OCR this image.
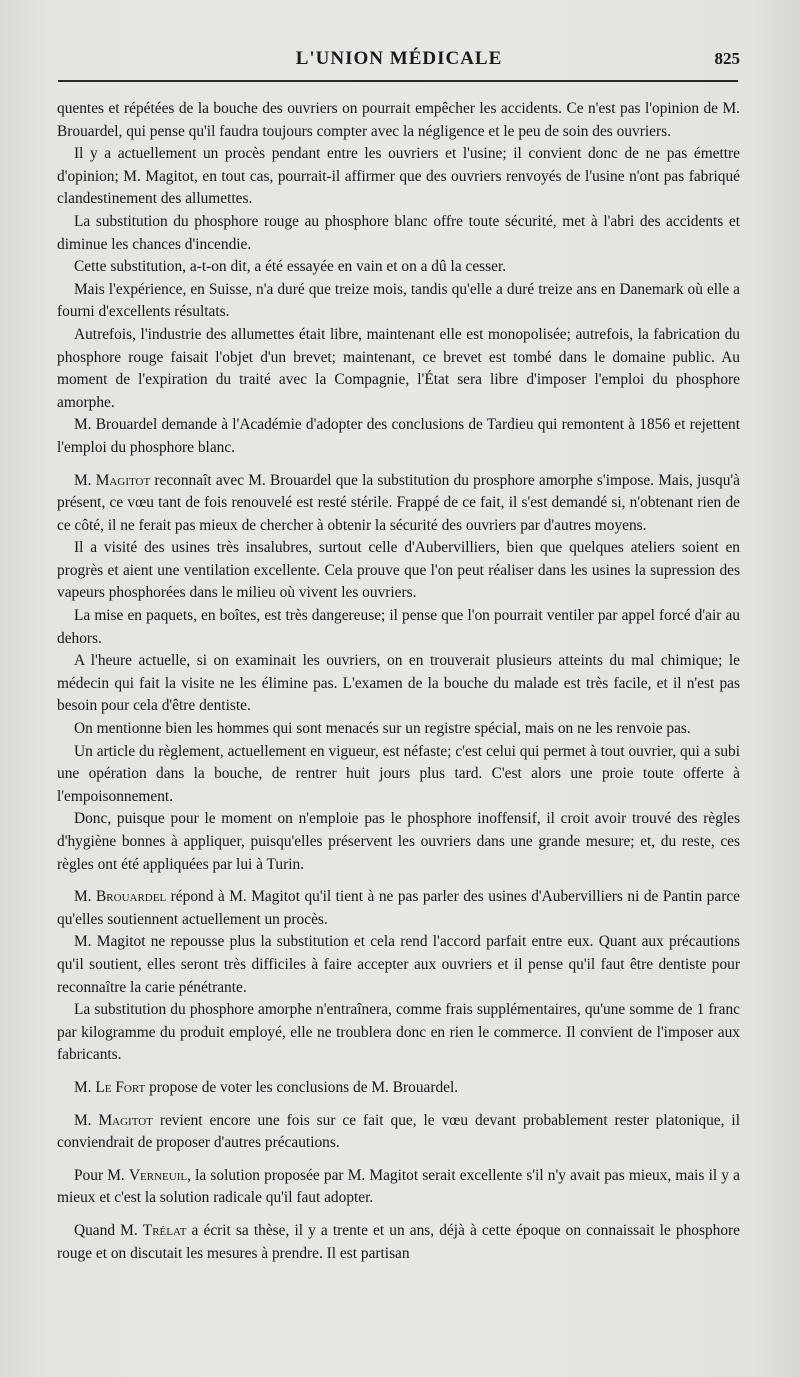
L'UNION MÉDICALE	825

quentes et répétées de la bouche des ouvriers on pourrait empêcher les accidents. Ce n'est pas l'opinion de M. Brouardel, qui pense qu'il faudra toujours compter avec la négligence et le peu de soin des ouvriers.

Il y a actuellement un procès pendant entre les ouvriers et l'usine; il convient donc de ne pas émettre d'opinion; M. Magitot, en tout cas, pourrait-il affirmer que des ouvriers renvoyés de l'usine n'ont pas fabriqué clandestinement des allumettes.

La substitution du phosphore rouge au phosphore blanc offre toute sécurité, met à l'abri des accidents et diminue les chances d'incendie.

Cette substitution, a-t-on dit, a été essayée en vain et on a dû la cesser.

Mais l'expérience, en Suisse, n'a duré que treize mois, tandis qu'elle a duré treize ans en Danemark où elle a fourni d'excellents résultats.

Autrefois, l'industrie des allumettes était libre, maintenant elle est monopolisée; autrefois, la fabrication du phosphore rouge faisait l'objet d'un brevet; maintenant, ce brevet est tombé dans le domaine public. Au moment de l'expiration du traité avec la Compagnie, l'État sera libre d'imposer l'emploi du phosphore amorphe.

M. Brouardel demande à l'Académie d'adopter des conclusions de Tardieu qui remontent à 1856 et rejettent l'emploi du phosphore blanc.

M. Magitot reconnaît avec M. Brouardel que la substitution du prosphore amorphe s'impose. Mais, jusqu'à présent, ce vœu tant de fois renouvelé est resté stérile. Frappé de ce fait, il s'est demandé si, n'obtenant rien de ce côté, il ne ferait pas mieux de chercher à obtenir la sécurité des ouvriers par d'autres moyens.

Il a visité des usines très insalubres, surtout celle d'Aubervilliers, bien que quelques ateliers soient en progrès et aient une ventilation excellente. Cela prouve que l'on peut réaliser dans les usines la supression des vapeurs phosphorées dans le milieu où vivent les ouvriers.

La mise en paquets, en boîtes, est très dangereuse; il pense que l'on pourrait ventiler par appel forcé d'air au dehors.

A l'heure actuelle, si on examinait les ouvriers, on en trouverait plusieurs atteints du mal chimique; le médecin qui fait la visite ne les élimine pas. L'examen de la bouche du malade est très facile, et il n'est pas besoin pour cela d'être dentiste.

On mentionne bien les hommes qui sont menacés sur un registre spécial, mais on ne les renvoie pas.

Un article du règlement, actuellement en vigueur, est néfaste; c'est celui qui permet à tout ouvrier, qui a subi une opération dans la bouche, de rentrer huit jours plus tard. C'est alors une proie toute offerte à l'empoisonnement.

Donc, puisque pour le moment on n'emploie pas le phosphore inoffensif, il croit avoir trouvé des règles d'hygiène bonnes à appliquer, puisqu'elles préservent les ouvriers dans une grande mesure; et, du reste, ces règles ont été appliquées par lui à Turin.

M. Brouardel répond à M. Magitot qu'il tient à ne pas parler des usines d'Aubervilliers ni de Pantin parce qu'elles soutiennent actuellement un procès.

M. Magitot ne repousse plus la substitution et cela rend l'accord parfait entre eux. Quant aux précautions qu'il soutient, elles seront très difficiles à faire accepter aux ouvriers et il pense qu'il faut être dentiste pour reconnaître la carie pénétrante.

La substitution du phosphore amorphe n'entraînera, comme frais supplémentaires, qu'une somme de 1 franc par kilogramme du produit employé, elle ne troublera donc en rien le commerce. Il convient de l'imposer aux fabricants.

M. Le Fort propose de voter les conclusions de M. Brouardel.

M. Magitot revient encore une fois sur ce fait que, le vœu devant probablement rester platonique, il conviendrait de proposer d'autres précautions.

Pour M. Verneuil, la solution proposée par M. Magitot serait excellente s'il n'y avait pas mieux, mais il y a mieux et c'est la solution radicale qu'il faut adopter.

Quand M. Trélat a écrit sa thèse, il y a trente et un ans, déjà à cette époque on connaissait le phosphore rouge et on discutait les mesures à prendre. Il est partisan
